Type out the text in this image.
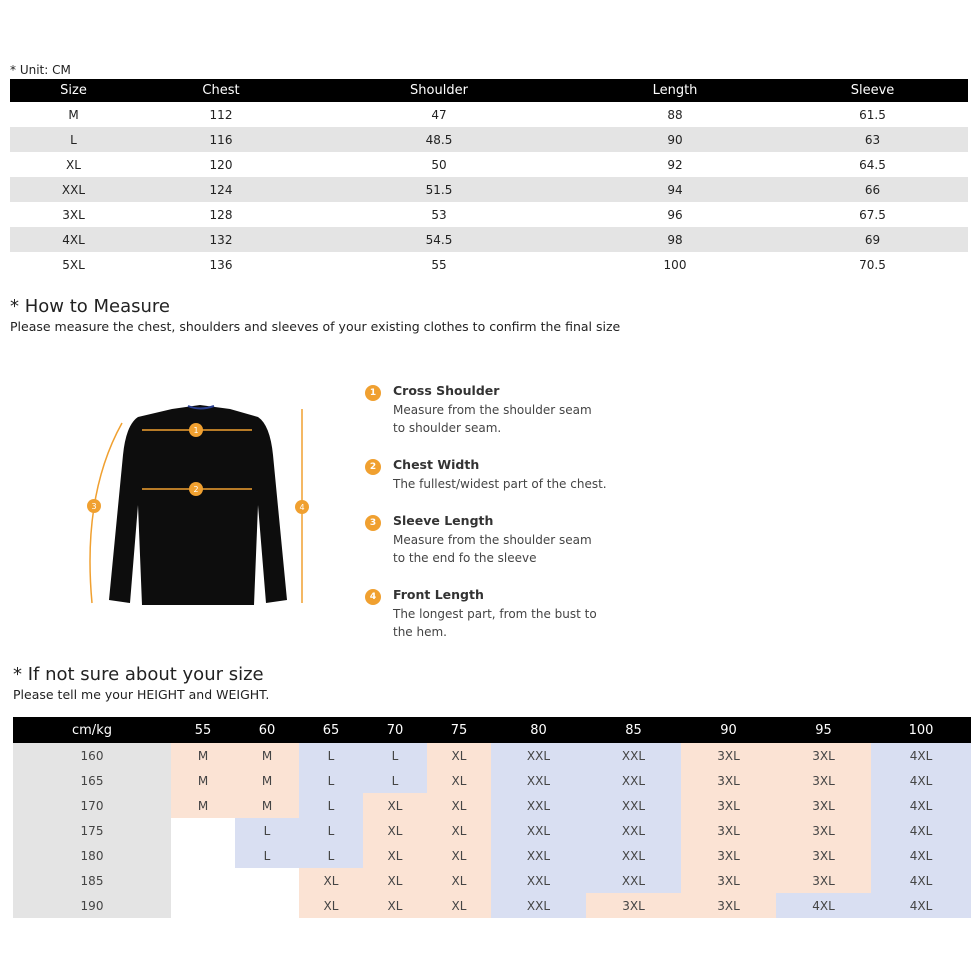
* Unit: CM
Size	Chest	Shoulder	Length	Sleeve
M	112	47	88	61.5
L	116	48.5	90	63
XL	120	50	92	64.5
XXL	124	51.5	94	66
3XL	128	53	96	67.5
4XL	132	54.5	98	69
5XL	136	55	100	70.5
* How to Measure
Please measure the chest, shoulders and sleeves of your existing clothes to confirm the final size
1
2
3	4
1	Cross Shoulder
Measure from the shoulder seam to shoulder seam.
2	Chest Width
The fullest/widest part of the chest.
3	Sleeve Length
Measure from the shoulder seam to the end fo the sleeve
4	Front Length
The longest part, from the bust to the hem.
* If not sure about your size
Please tell me your HEIGHT and WEIGHT.
cm/kg	55	60	65	70	75	80	85	90	95	100
160	M	M	L	L	XL	XXL	XXL	3XL	3XL	4XL
165	M	M	L	L	XL	XXL	XXL	3XL	3XL	4XL
170	M	M	L	XL	XL	XXL	XXL	3XL	3XL	4XL
175		L	L	XL	XL	XXL	XXL	3XL	3XL	4XL
180		L	L	XL	XL	XXL	XXL	3XL	3XL	4XL
185			XL	XL	XL	XXL	XXL	3XL	3XL	4XL
190			XL	XL	XL	XXL	3XL	3XL	4XL	4XL
